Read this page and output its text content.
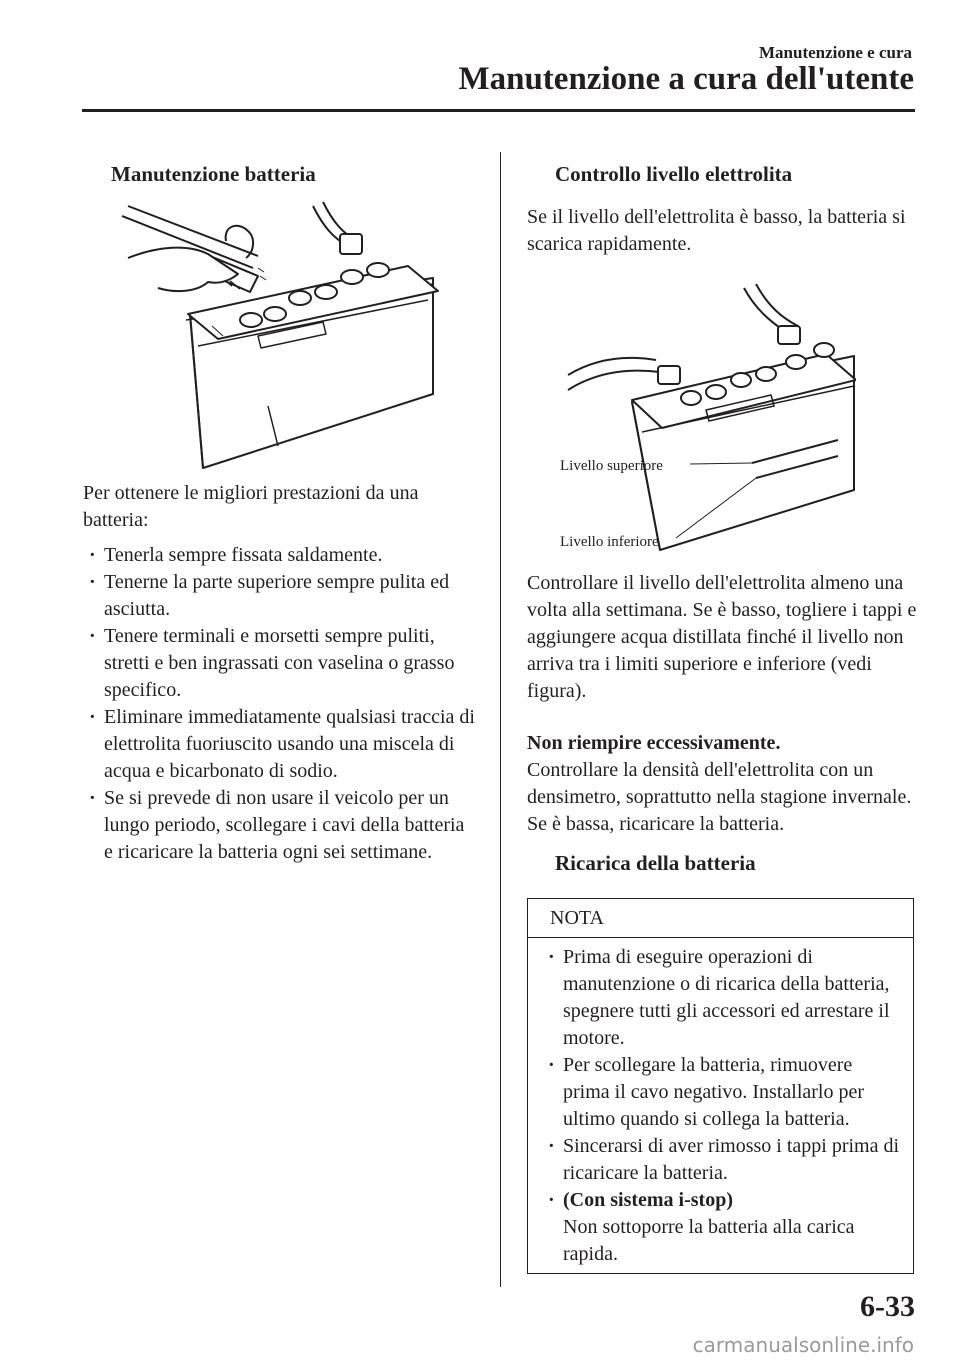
Manutenzione e cura
Manutenzione a cura dell'utente
Manutenzione batteria
Per ottenere le migliori prestazioni da una batteria:
· Tenerla sempre fissata saldamente.
· Tenerne la parte superiore sempre pulita ed asciutta.
· Tenere terminali e morsetti sempre puliti, stretti e ben ingrassati con vaselina o grasso specifico.
· Eliminare immediatamente qualsiasi traccia di elettrolita fuoriuscito usando una miscela di acqua e bicarbonato di sodio.
· Se si prevede di non usare il veicolo per un lungo periodo, scollegare i cavi della batteria e ricaricare la batteria ogni sei settimane.
Controllo livello elettrolita
Se il livello dell'elettrolita è basso, la batteria si scarica rapidamente.
Livello superiore
Livello inferiore
Controllare il livello dell'elettrolita almeno una volta alla settimana. Se è basso, togliere i tappi e aggiungere acqua distillata finché il livello non arriva tra i limiti superiore e inferiore (vedi figura).
Non riempire eccessivamente.
Controllare la densità dell'elettrolita con un densimetro, soprattutto nella stagione invernale. Se è bassa, ricaricare la batteria.
Ricarica della batteria
NOTA
· Prima di eseguire operazioni di manutenzione o di ricarica della batteria, spegnere tutti gli accessori ed arrestare il motore.
· Per scollegare la batteria, rimuovere prima il cavo negativo. Installarlo per ultimo quando si collega la batteria.
· Sincerarsi di aver rimosso i tappi prima di ricaricare la batteria.
· (Con sistema i-stop)
Non sottoporre la batteria alla carica rapida.
6-33
carmanualsonline.info
